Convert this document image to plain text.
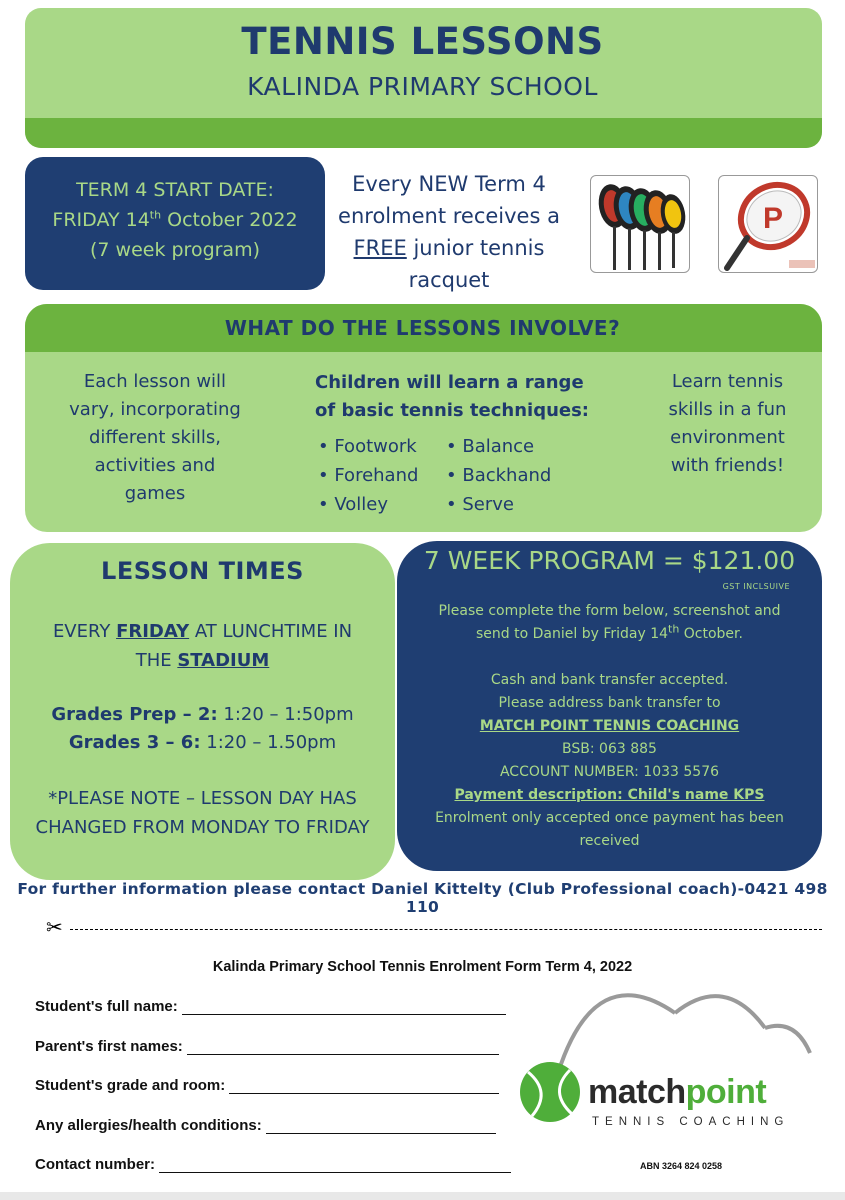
TENNIS LESSONS
KALINDA PRIMARY SCHOOL
TERM 4 START DATE:
FRIDAY 14th October 2022
(7 week program)
Every NEW Term 4
enrolment receives a
FREE junior tennis
racquet
P
WHAT DO THE LESSONS INVOLVE?
Each lesson will
vary, incorporating
different skills,
activities and
games
Children will learn a range
of basic tennis techniques:
• Footwork	• Balance
• Forehand	• Backhand
• Volley	• Serve
Learn tennis
skills in a fun
environment
with friends!
LESSON TIMES
EVERY FRIDAY AT LUNCHTIME IN
THE STADIUM
Grades Prep – 2: 1:20 – 1:50pm
Grades 3 – 6: 1:20 – 1.50pm
*PLEASE NOTE – LESSON DAY HAS
CHANGED FROM MONDAY TO FRIDAY
7 WEEK PROGRAM = $121.00
GST INCLSUIVE
Please complete the form below, screenshot and
send to Daniel by Friday 14th October.
Cash and bank transfer accepted.
Please address bank transfer to
MATCH POINT TENNIS COACHING
BSB: 063 885
ACCOUNT NUMBER: 1033 5576
Payment description: Child's name KPS
Enrolment only accepted once payment has been
received
For further information please contact Daniel Kittelty (Club Professional coach)-0421 498 110
✂
Kalinda Primary School Tennis Enrolment Form Term 4, 2022
Student's full name:
Parent's first names:
Student's grade and room:
Any allergies/health conditions:
Contact number:
matchpoint
TENNIS COACHING
ABN 3264 824 0258
